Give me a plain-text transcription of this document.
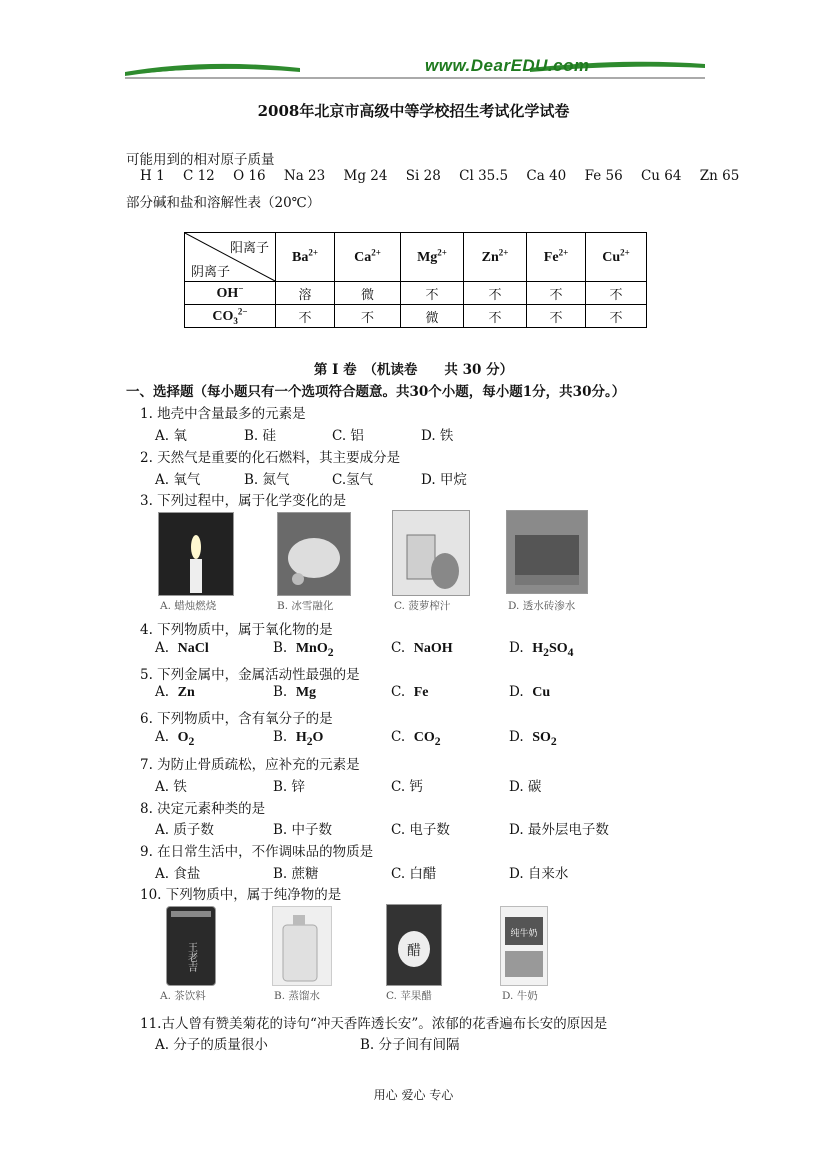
www.DearEDU.com
2008年北京市高级中等学校招生考试化学试卷
可能用到的相对原子质量
H 1 C 12 O 16 Na 23 Mg 24 Si 28 Cl 35.5 Ca 40 Fe 56 Cu 64 Zn 65
部分碱和盐和溶解性表（20℃）
阳离子
阴离子	$Ba^{2+}$	$Ca^{2+}$	$Mg^{2+}$	$Zn^{2+}$	$Fe^{2+}$	$Cu^{2+}$
OH−	溶	微	不	不	不	不
$CO_3^{2-}$	不	不	微	不	不	不
第 I 卷　（机读卷　　共 30 分）
一、选择题（每小题只有一个选项符合题意。共30个小题，每小题1分，共30分。）
1. 地壳中含量最多的元素是
A. 氧	B. 硅	C. 铝	D. 铁
2. 天然气是重要的化石燃料，其主要成分是
A. 氧气	B. 氮气	C.氢气	D. 甲烷
3. 下列过程中，属于化学变化的是
A. 蜡烛燃烧	B. 冰雪融化	C. 菠萝榨汁	D. 透水砖渗水
4. 下列物质中，属于氧化物的是
A. NaCl	B. MnO$_2$	C. NaOH	D. $H_2SO_4$
5. 下列金属中，金属活动性最强的是
A. Zn	B. Mg	C. Fe	D. Cu
6. 下列物质中，含有氧分子的是
A. $O_2$	B. $H_2O$	C. $CO_2$	D. $SO_2$
7. 为防止骨质疏松，应补充的元素是
A. 铁	B. 锌	C. 钙	D. 碳
8. 决定元素种类的是
A. 质子数	B. 中子数	C. 电子数	D. 最外层电子数
9. 在日常生活中，不作调味品的物质是
A. 食盐	B. 蔗糖	C. 白醋	D. 自来水
10. 下列物质中，属于纯净物的是
王老吉	醋
纯牛奶
A. 茶饮料	B. 蒸馏水	C. 苹果醋	D. 牛奶
11.古人曾有赞美菊花的诗句“冲天香阵透长安”。浓郁的花香遍布长安的原因是
A. 分子的质量很小	B. 分子间有间隔
用心 爱心 专心
